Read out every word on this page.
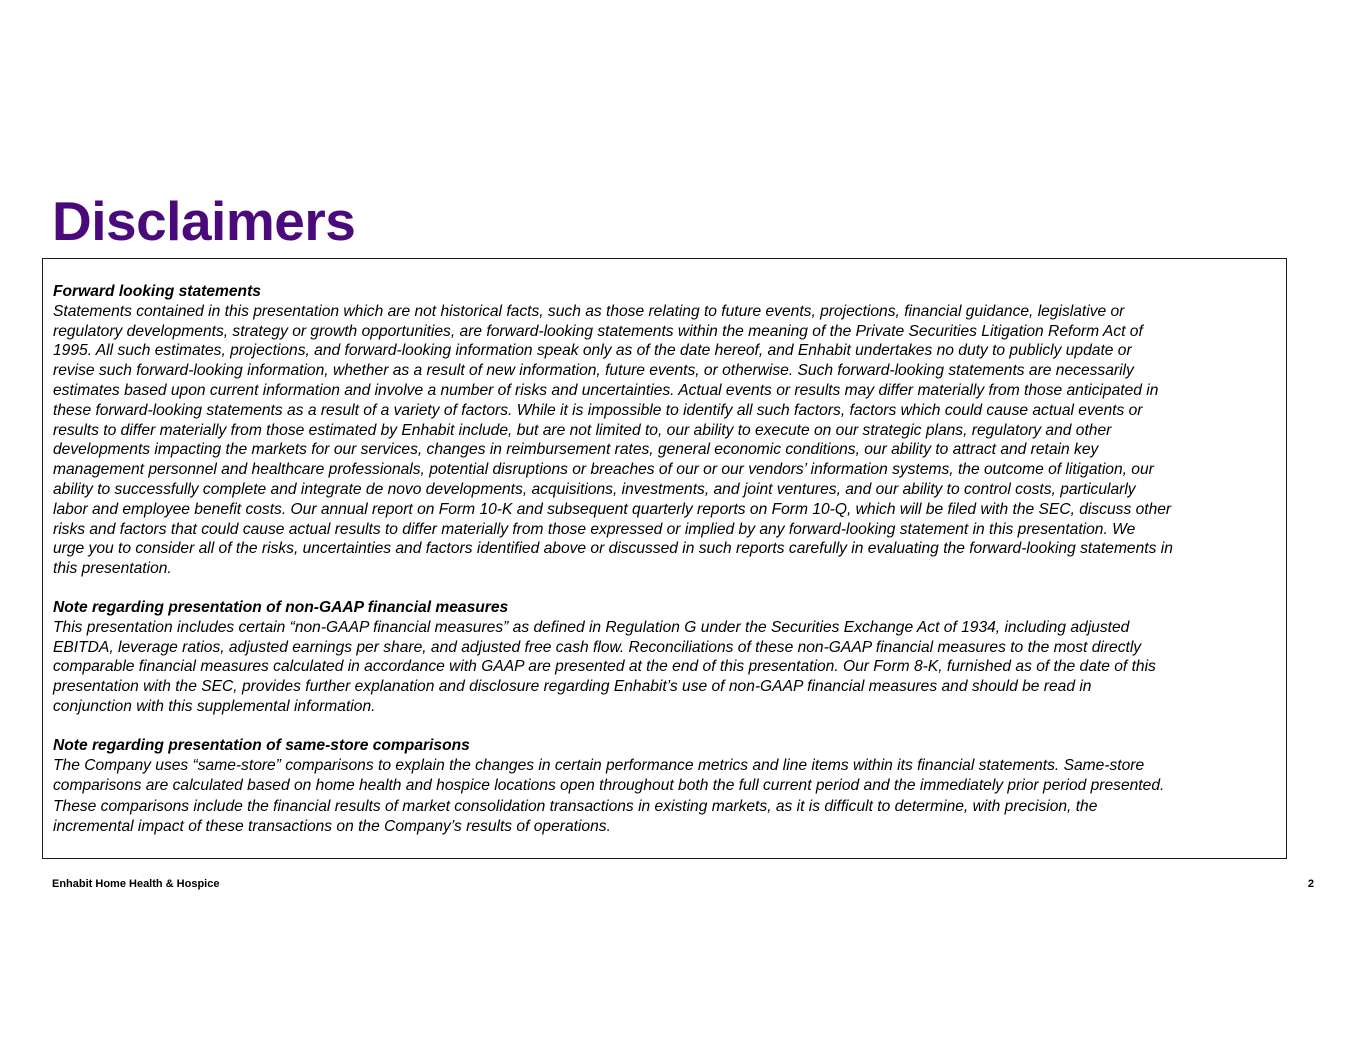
Disclaimers

Forward looking statements

Statements contained in this presentation which are not historical facts, such as those relating to future events, projections, financial guidance, legislative or
regulatory developments, strategy or growth opportunities, are forward-looking statements within the meaning of the Private Securities Litigation Reform Act of
1995. All such estimates, projections, and forward-looking information speak only as of the date hereof, and Enhabit undertakes no duty to publicly update or
revise such forward-looking information, whether as a result of new information, future events, or otherwise. Such forward-looking statements are necessarily
estimates based upon current information and involve a number of risks and uncertainties. Actual events or results may differ materially from those anticipated in
these forward-looking statements as a result of a variety of factors. While it is impossible to identify all such factors, factors which could cause actual events or
results to differ materially from those estimated by Enhabit include, but are not limited to, our ability to execute on our strategic plans, regulatory and other
developments impacting the markets for our services, changes in reimbursement rates, general economic conditions, our ability to attract and retain key
management personnel and healthcare professionals, potential disruptions or breaches of our or our vendors’ information systems, the outcome of litigation, our
ability to successfully complete and integrate de novo developments, acquisitions, investments, and joint ventures, and our ability to control costs, particularly
labor and employee benefit costs. Our annual report on Form 10-K and subsequent quarterly reports on Form 10-Q, which will be filed with the SEC, discuss other
risks and factors that could cause actual results to differ materially from those expressed or implied by any forward-looking statement in this presentation. We
urge you to consider all of the risks, uncertainties and factors identified above or discussed in such reports carefully in evaluating the forward-looking statements in
this presentation.

Note regarding presentation of non-GAAP financial measures

This presentation includes certain “non-GAAP financial measures” as defined in Regulation G under the Securities Exchange Act of 1934, including adjusted
EBITDA, leverage ratios, adjusted earnings per share, and adjusted free cash flow. Reconciliations of these non-GAAP financial measures to the most directly
comparable financial measures calculated in accordance with GAAP are presented at the end of this presentation. Our Form 8-K, furnished as of the date of this
presentation with the SEC, provides further explanation and disclosure regarding Enhabit’s use of non-GAAP financial measures and should be read in
conjunction with this supplemental information.

Note regarding presentation of same-store comparisons

The Company uses “same-store” comparisons to explain the changes in certain performance metrics and line items within its financial statements. Same-store
comparisons are calculated based on home health and hospice locations open throughout both the full current period and the immediately prior period presented.
These comparisons include the financial results of market consolidation transactions in existing markets, as it is difficult to determine, with precision, the
incremental impact of these transactions on the Company’s results of operations.

Enhabit Home Health & Hospice	2
